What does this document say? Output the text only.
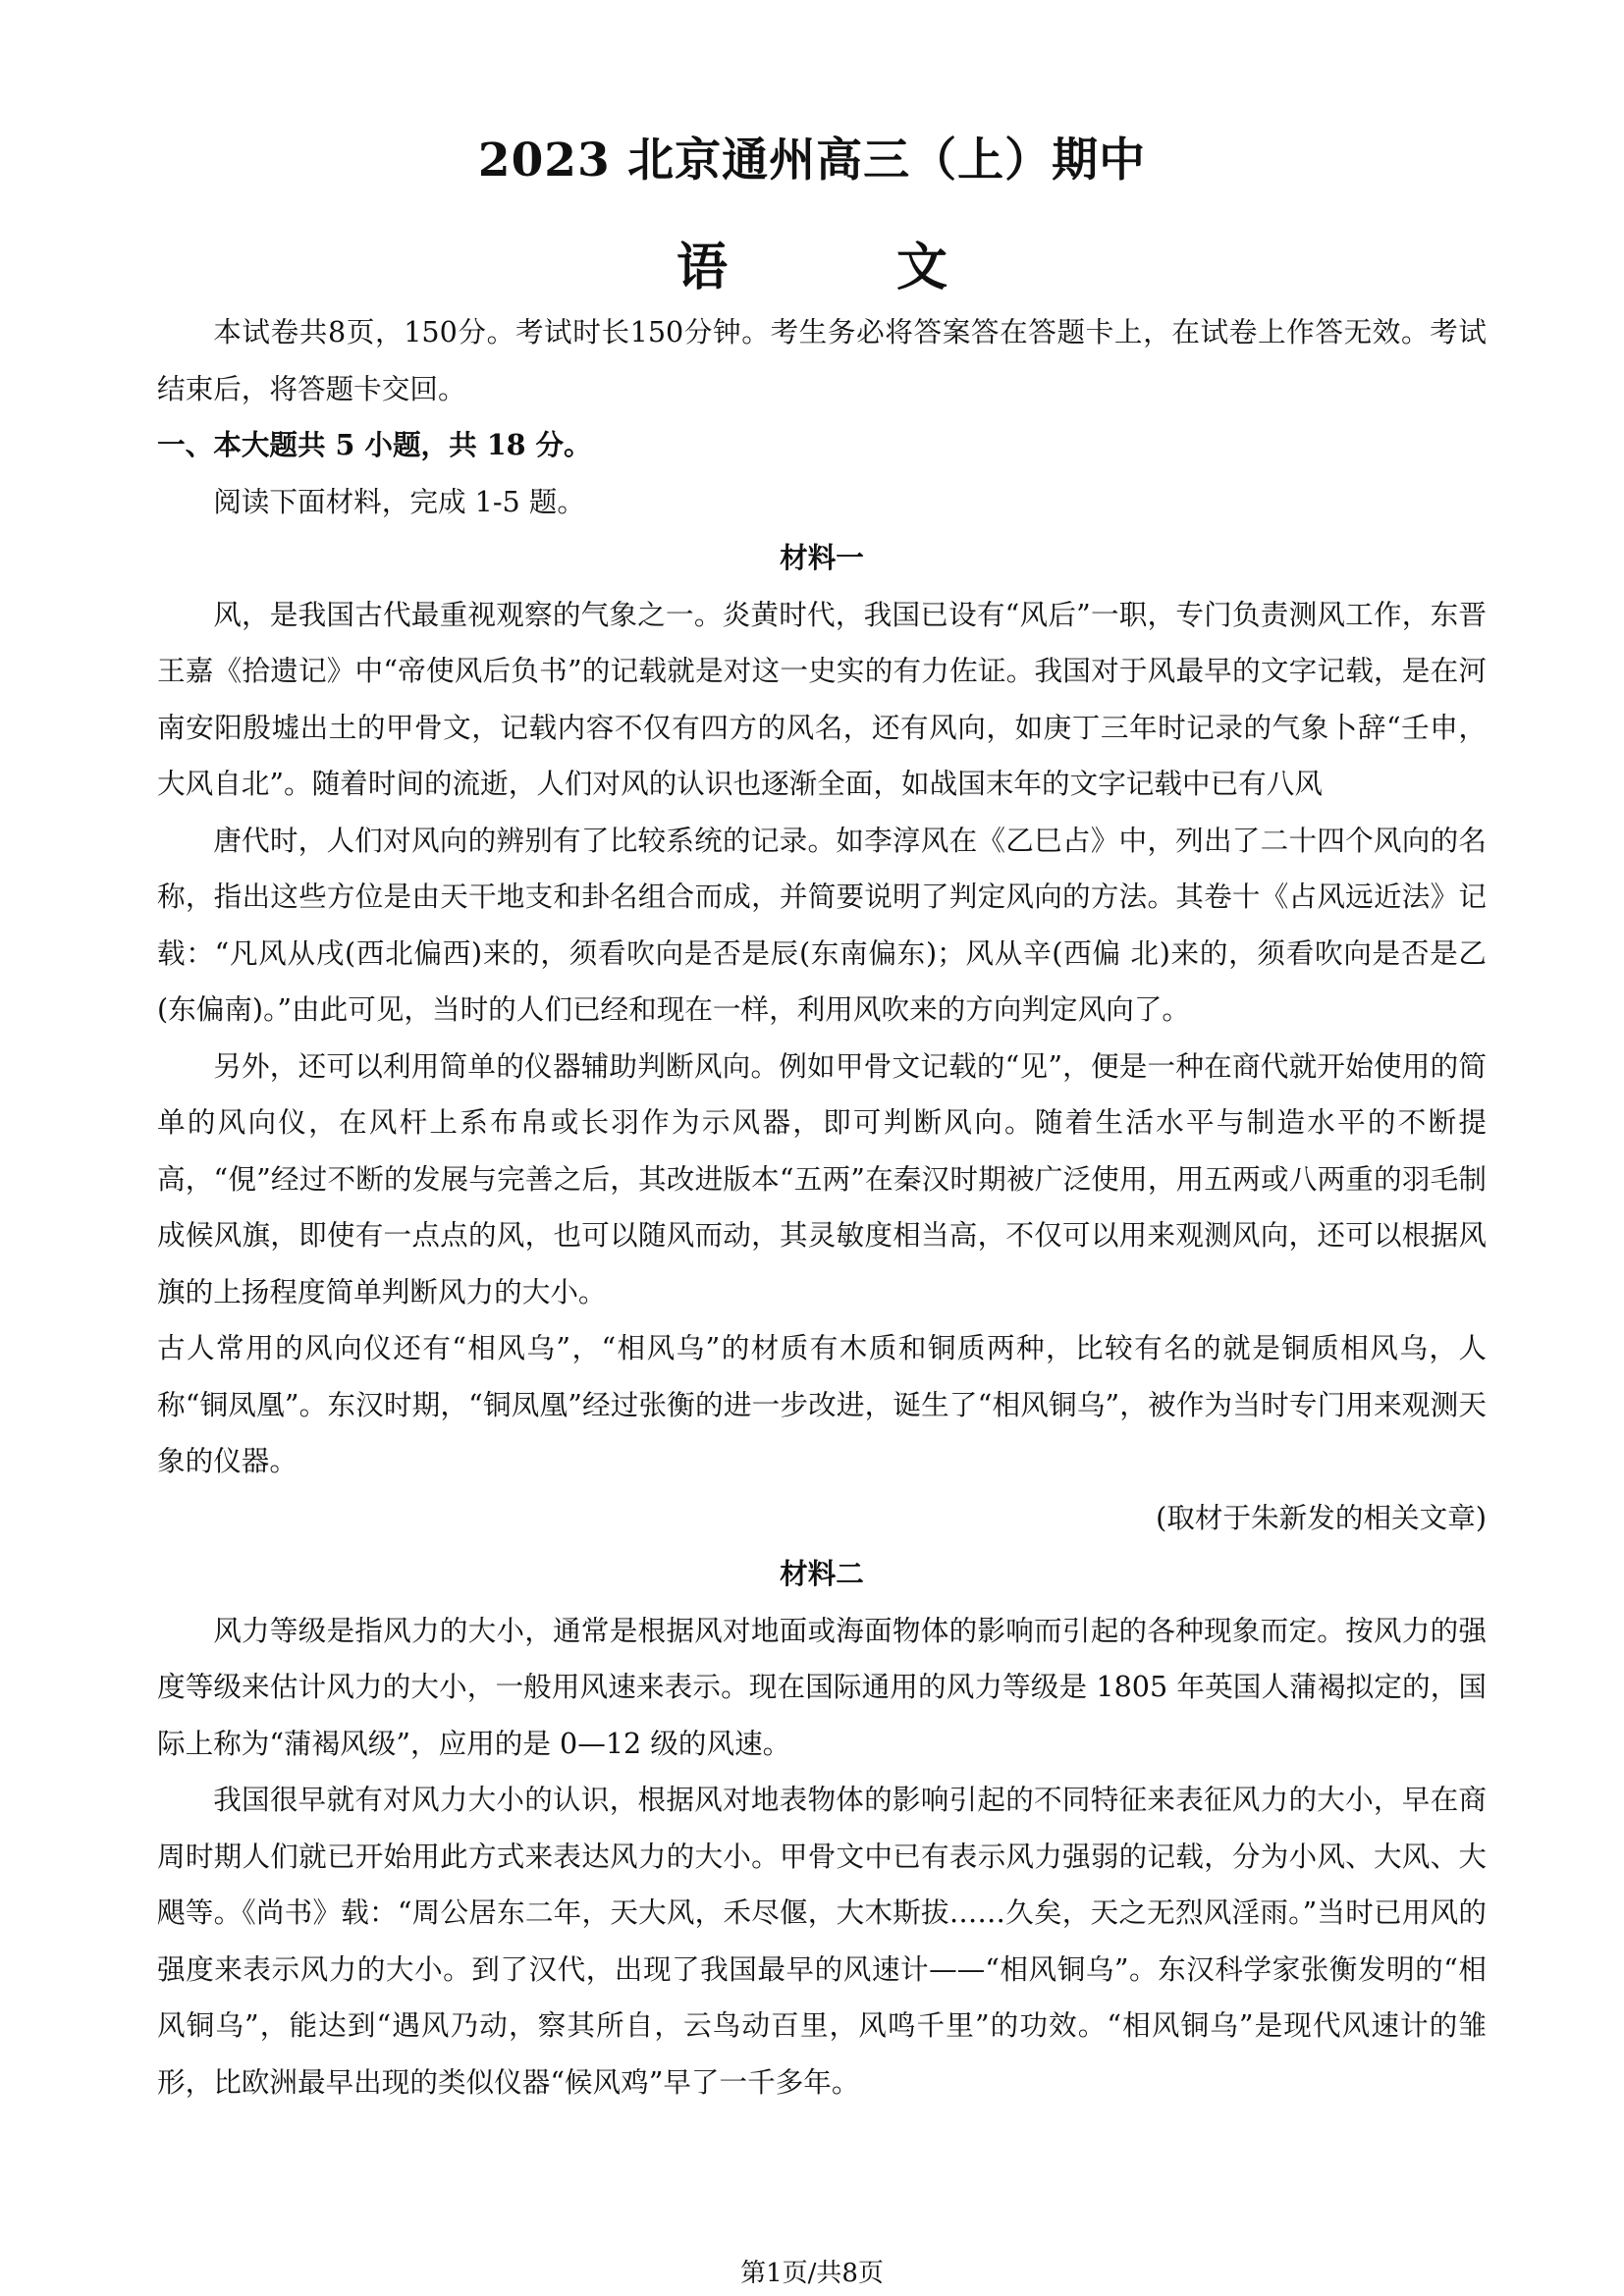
2023 北京通州高三（上）期中
语　文

本试卷共8页，150分。考试时长150分钟。考生务必将答案答在答题卡上，在试卷上作答无效。考试结束后，将答题卡交回。

一、本大题共 5 小题，共 18 分。

阅读下面材料，完成 1-5 题。

材料一

风，是我国古代最重视观察的气象之一。炎黄时代，我国已设有“风后”一职，专门负责测风工作，东晋王嘉《拾遗记》中“帝使风后负书”的记载就是对这一史实的有力佐证。我国对于风最早的文字记载，是在河南安阳殷墟出土的甲骨文，记载内容不仅有四方的风名，还有风向，如庚丁三年时记录的气象卜辞“壬申，大风自北”。随着时间的流逝，人们对风的认识也逐渐全面，如战国末年的文字记载中已有八风

唐代时，人们对风向的辨别有了比较系统的记录。如李淳风在《乙巳占》中，列出了二十四个风向的名称，指出这些方位是由天干地支和卦名组合而成，并简要说明了判定风向的方法。其卷十《占风远近法》记载：“凡风从戌(西北偏西)来的，须看吹向是否是辰(东南偏东)；风从辛(西偏 北)来的，须看吹向是否是乙(东偏南)。”由此可见，当时的人们已经和现在一样，利用风吹来的方向判定风向了。

另外，还可以利用简单的仪器辅助判断风向。例如甲骨文记载的“见”，便是一种在商代就开始使用的简单的风向仪，在风杆上系布帛或长羽作为示风器，即可判断风向。随着生活水平与制造水平的不断提高，“俔”经过不断的发展与完善之后，其改进版本“五两”在秦汉时期被广泛使用，用五两或八两重的羽毛制成候风旗，即使有一点点的风，也可以随风而动，其灵敏度相当高，不仅可以用来观测风向，还可以根据风旗的上扬程度简单判断风力的大小。

古人常用的风向仪还有“相风乌”，“相风乌”的材质有木质和铜质两种，比较有名的就是铜质相风乌，人称“铜凤凰”。东汉时期，“铜凤凰”经过张衡的进一步改进，诞生了“相风铜乌”，被作为当时专门用来观测天象的仪器。

(取材于朱新发的相关文章)

材料二

风力等级是指风力的大小，通常是根据风对地面或海面物体的影响而引起的各种现象而定。按风力的强度等级来估计风力的大小，一般用风速来表示。现在国际通用的风力等级是 1805 年英国人蒲褐拟定的，国际上称为“蒲褐风级”，应用的是 0—12 级的风速。

我国很早就有对风力大小的认识，根据风对地表物体的影响引起的不同特征来表征风力的大小，早在商周时期人们就已开始用此方式来表达风力的大小。甲骨文中已有表示风力强弱的记载，分为小风、大风、大飓等。《尚书》载：“周公居东二年，天大风，禾尽偃，大木斯拔……久矣，天之无烈风淫雨。”当时已用风的强度来表示风力的大小。到了汉代，出现了我国最早的风速计——“相风铜乌”。东汉科学家张衡发明的“相风铜乌”，能达到“遇风乃动，察其所自，云鸟动百里，风鸣千里”的功效。“相风铜乌”是现代风速计的雏形，比欧洲最早出现的类似仪器“候风鸡”早了一千多年。

第1页/共8页
